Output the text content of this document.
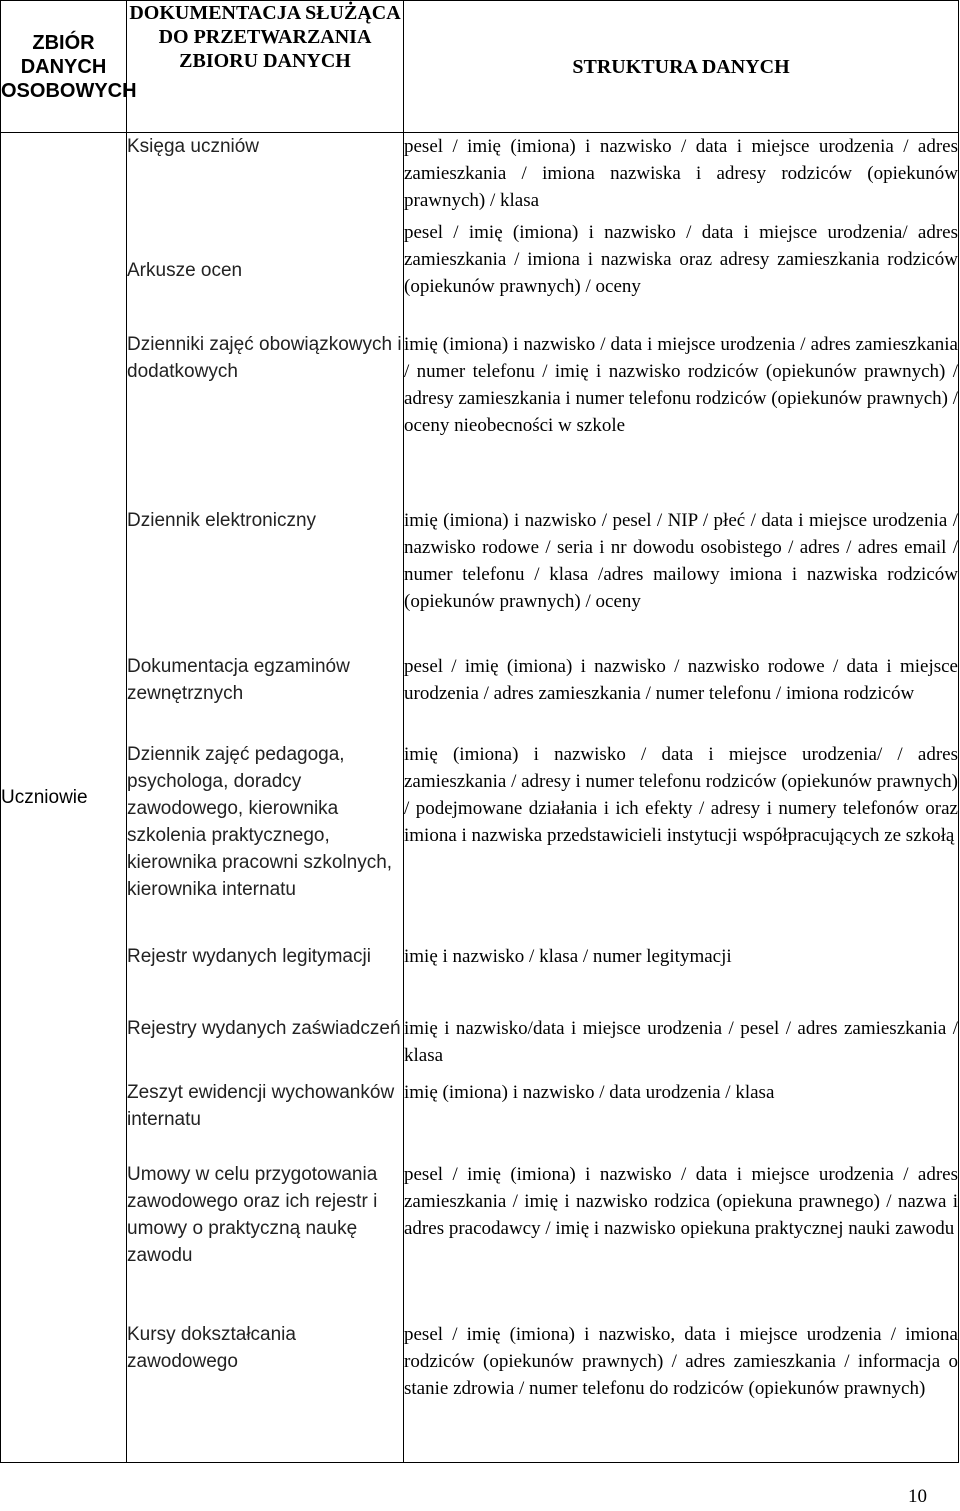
ZBIÓR DANYCH OSOBOWYCH	DOKUMENTACJA SŁUŻĄCA DO PRZETWARZANIA ZBIORU DANYCH	STRUKTURA DANYCH
Uczniowie	Księga uczniów	pesel / imię (imiona) i nazwisko / data i miejsce urodzenia / adres zamieszkania / imiona nazwiska i adresy rodziców (opiekunów prawnych) / klasa
	Arkusze ocen	pesel / imię (imiona) i nazwisko / data i miejsce urodzenia/ adres zamieszkania / imiona i nazwiska oraz adresy zamieszkania rodziców (opiekunów prawnych) / oceny
	Dzienniki zajęć obowiązkowych i dodatkowych	imię (imiona) i nazwisko / data i miejsce urodzenia / adres zamieszkania / numer telefonu / imię i nazwisko rodziców (opiekunów prawnych) / adresy zamieszkania i numer telefonu rodziców (opiekunów prawnych) / oceny nieobecności w szkole
	Dziennik elektroniczny	imię (imiona) i nazwisko / pesel / NIP / płeć / data i miejsce urodzenia / nazwisko rodowe / seria i nr dowodu osobistego / adres / adres email / numer telefonu / klasa /adres mailowy imiona i nazwiska rodziców (opiekunów prawnych) / oceny
	Dokumentacja egzaminów zewnętrznych	pesel / imię (imiona) i nazwisko / nazwisko rodowe / data i miejsce urodzenia / adres zamieszkania / numer telefonu / imiona rodziców
	Dziennik zajęć pedagoga, psychologa, doradcy zawodowego, kierownika szkolenia praktycznego, kierownika pracowni szkolnych, kierownika internatu	imię (imiona) i nazwisko / data i miejsce urodzenia/ / adres zamieszkania / adresy i numer telefonu rodziców (opiekunów prawnych) / podejmowane działania i ich efekty / adresy i numery telefonów oraz imiona i nazwiska przedstawicieli instytucji współpracujących ze szkołą
	Rejestr wydanych legitymacji	imię i nazwisko / klasa / numer legitymacji
	Rejestry wydanych zaświadczeń	imię i nazwisko/data i miejsce urodzenia / pesel / adres zamieszkania / klasa
	Zeszyt ewidencji wychowanków internatu	imię (imiona) i nazwisko / data urodzenia / klasa
	Umowy w celu przygotowania zawodowego oraz ich rejestr i umowy o praktyczną naukę zawodu	pesel / imię (imiona) i nazwisko / data i miejsce urodzenia / adres zamieszkania / imię i nazwisko rodzica (opiekuna prawnego) / nazwa i adres pracodawcy / imię i nazwisko opiekuna praktycznej nauki zawodu
	Kursy dokształcania zawodowego	pesel / imię (imiona) i nazwisko, data i miejsce urodzenia / imiona rodziców (opiekunów prawnych) / adres zamieszkania / informacja o stanie zdrowia / numer telefonu do rodziców (opiekunów prawnych)
10
